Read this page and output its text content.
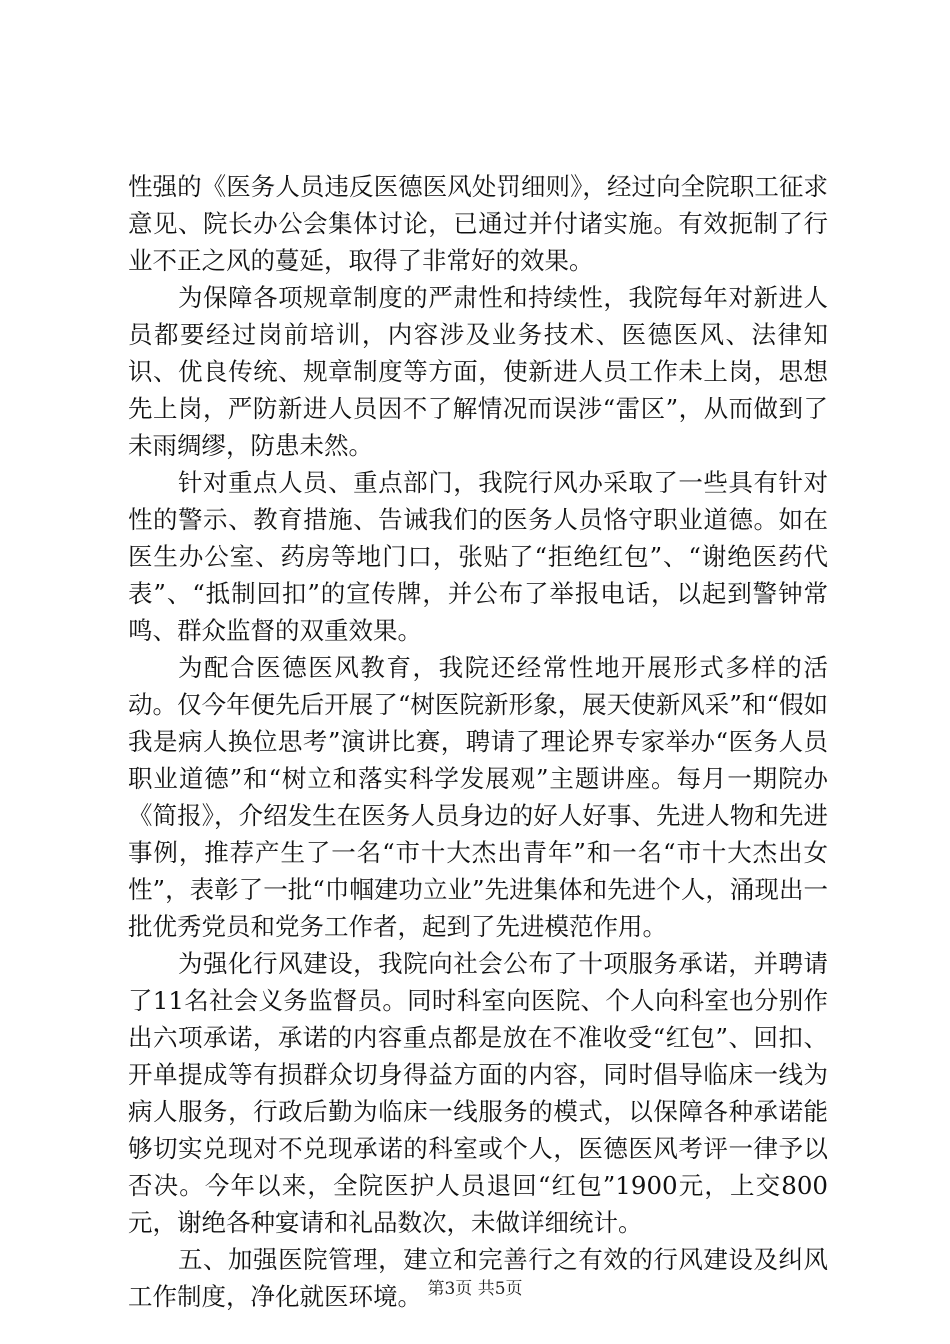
性强的《医务人员违反医德医风处罚细则》，经过向全院职工征求意见、院长办公会集体讨论，已通过并付诸实施。有效扼制了行业不正之风的蔓延，取得了非常好的效果。

为保障各项规章制度的严肃性和持续性，我院每年对新进人员都要经过岗前培训，内容涉及业务技术、医德医风、法律知识、优良传统、规章制度等方面，使新进人员工作未上岗，思想先上岗，严防新进人员因不了解情况而误涉“雷区”，从而做到了未雨绸缪，防患未然。

针对重点人员、重点部门，我院行风办采取了一些具有针对性的警示、教育措施、告诫我们的医务人员恪守职业道德。如在医生办公室、药房等地门口，张贴了“拒绝红包”、“谢绝医药代表”、“抵制回扣”的宣传牌，并公布了举报电话，以起到警钟常鸣、群众监督的双重效果。

为配合医德医风教育，我院还经常性地开展形式多样的活动。仅今年便先后开展了“树医院新形象，展天使新风采”和“假如我是病人换位思考”演讲比赛，聘请了理论界专家举办“医务人员职业道德”和“树立和落实科学发展观”主题讲座。每月一期院办《简报》，介绍发生在医务人员身边的好人好事、先进人物和先进事例，推荐产生了一名“市十大杰出青年”和一名“市十大杰出女性”，表彰了一批“巾帼建功立业”先进集体和先进个人，涌现出一批优秀党员和党务工作者，起到了先进模范作用。

为强化行风建设，我院向社会公布了十项服务承诺，并聘请了11名社会义务监督员。同时科室向医院、个人向科室也分别作出六项承诺，承诺的内容重点都是放在不准收受“红包”、回扣、开单提成等有损群众切身得益方面的内容，同时倡导临床一线为病人服务，行政后勤为临床一线服务的模式，以保障各种承诺能够切实兑现对不兑现承诺的科室或个人，医德医风考评一律予以否决。今年以来，全院医护人员退回“红包”1900元，上交800元，谢绝各种宴请和礼品数次，未做详细统计。

五、加强医院管理，建立和完善行之有效的行风建设及纠风工作制度，净化就医环境。 第3页 共5页
